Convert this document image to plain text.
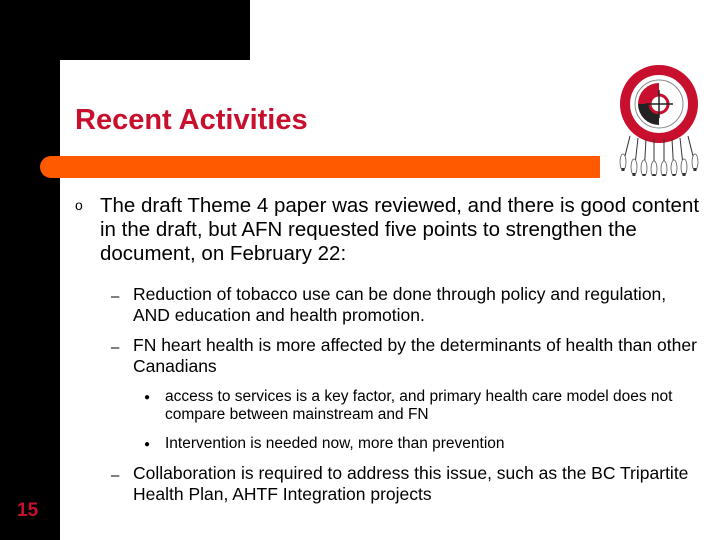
Recent Activities
o The draft Theme 4 paper was reviewed, and there is good content in the draft, but AFN requested five points to strengthen the document, on February 22:
– Reduction of tobacco use can be done through policy and regulation, AND education and health promotion.
– FN heart health is more affected by the determinants of health than other Canadians
● access to services is a key factor, and primary health care model does not compare between mainstream and FN
● Intervention is needed now, more than prevention
– Collaboration is required to address this issue, such as the BC Tripartite Health Plan, AHTF Integration projects
15
